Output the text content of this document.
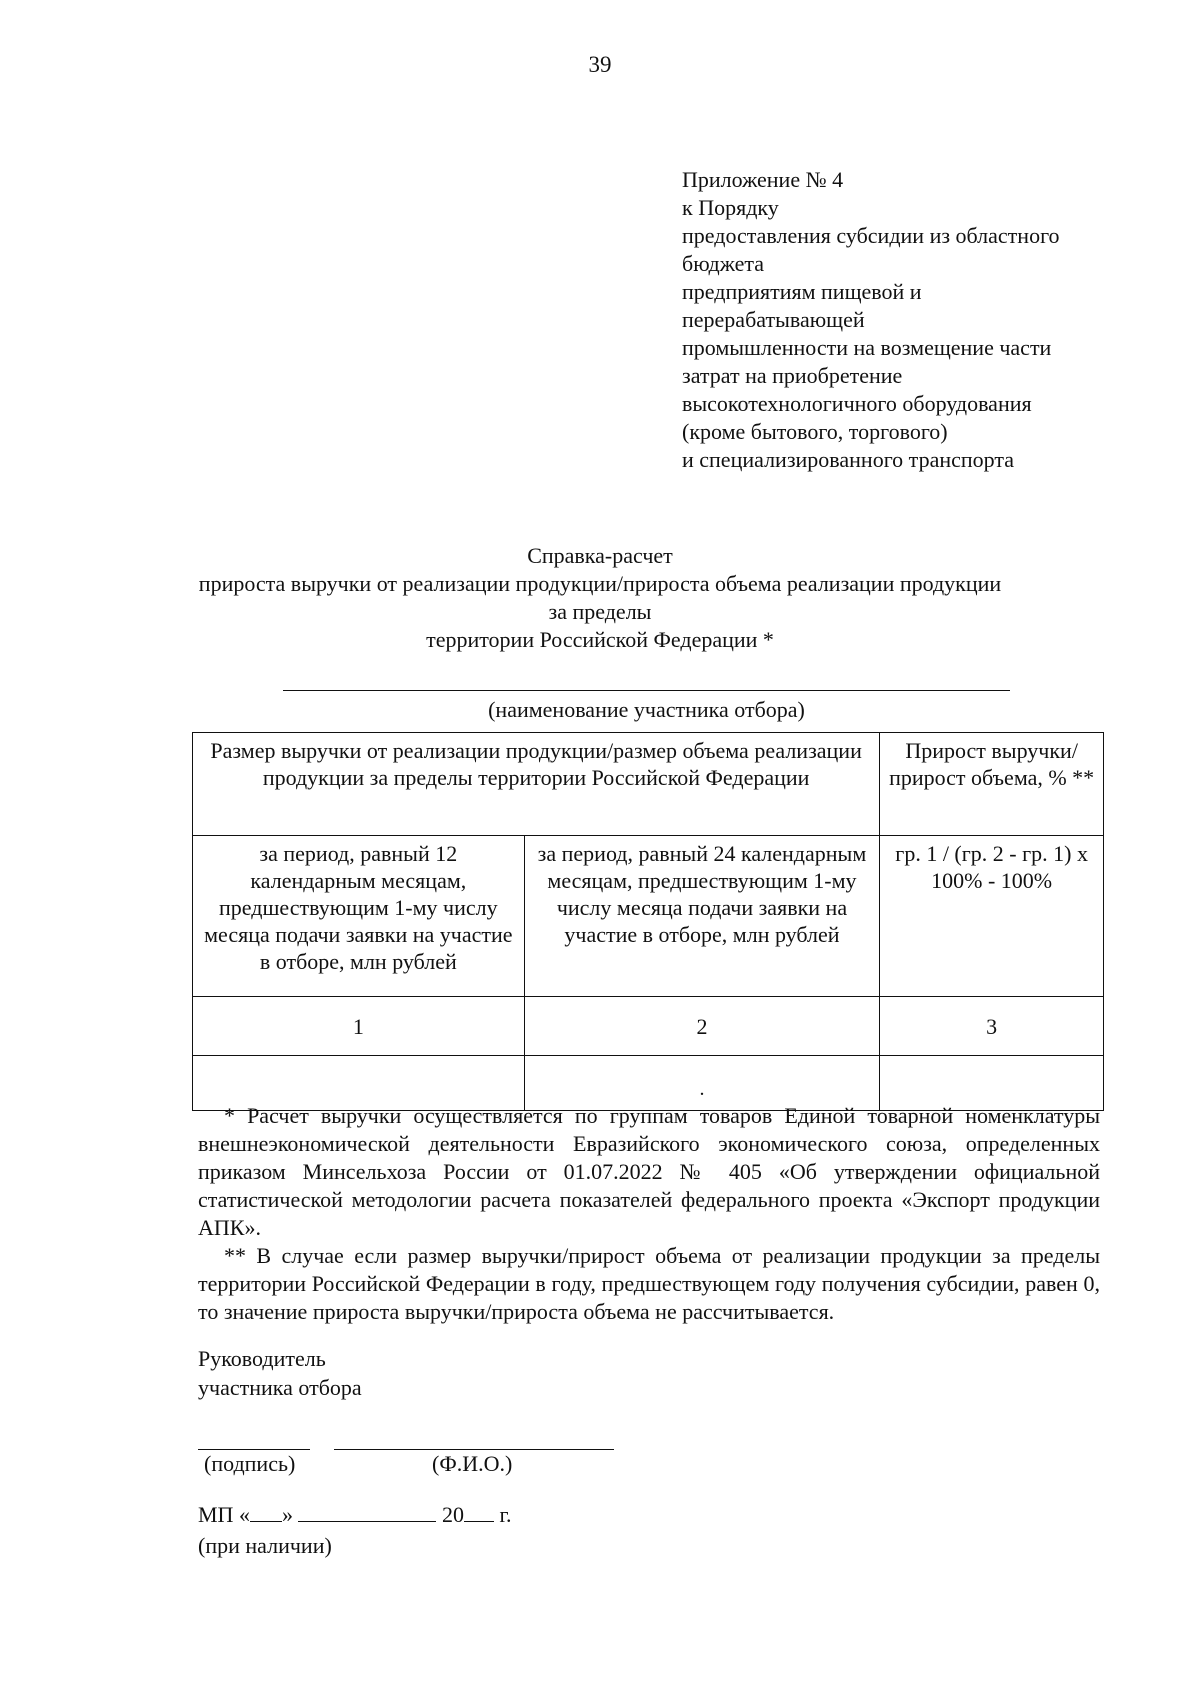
39
Приложение № 4
к Порядку
предоставления субсидии из областного
бюджета
предприятиям пищевой и
перерабатывающей
промышленности на возмещение части
затрат на приобретение
высокотехнологичного оборудования
(кроме бытового, торгового)
и специализированного транспорта
Справка-расчет
прироста выручки от реализации продукции/прироста объема реализации продукции
за пределы
территории Российской Федерации *
(наименование участника отбора)
Размер выручки от реализации продукции/размер объема реализации продукции за пределы территории Российской Федерации		Прирост выручки/прирост объема, % **
за период, равный 12 календарным месяцам, предшествующим 1-му числу месяца подачи заявки на участие в отборе, млн рублей	за период, равный 24 календарным месяцам, предшествующим 1-му числу месяца подачи заявки на участие в отборе, млн рублей	гр. 1 / (гр. 2 - гр. 1) х 100% - 100%
1	2	3
	.	

* Расчет выручки осуществляется по группам товаров Единой товарной номенклатуры внешнеэкономической деятельности Евразийского экономического союза, определенных приказом Минсельхоза России от 01.07.2022 № 405 «Об утверждении официальной статистической методологии расчета показателей федерального проекта «Экспорт продукции АПК».

** В случае если размер выручки/прирост объема от реализации продукции за пределы территории Российской Федерации в году, предшествующем году получения субсидии, равен 0, то значение прироста выручки/прироста объема не рассчитывается.

Руководитель
участника отбора
(подпись)	(Ф.И.О.)
МП « »	20 г.
(при наличии)
